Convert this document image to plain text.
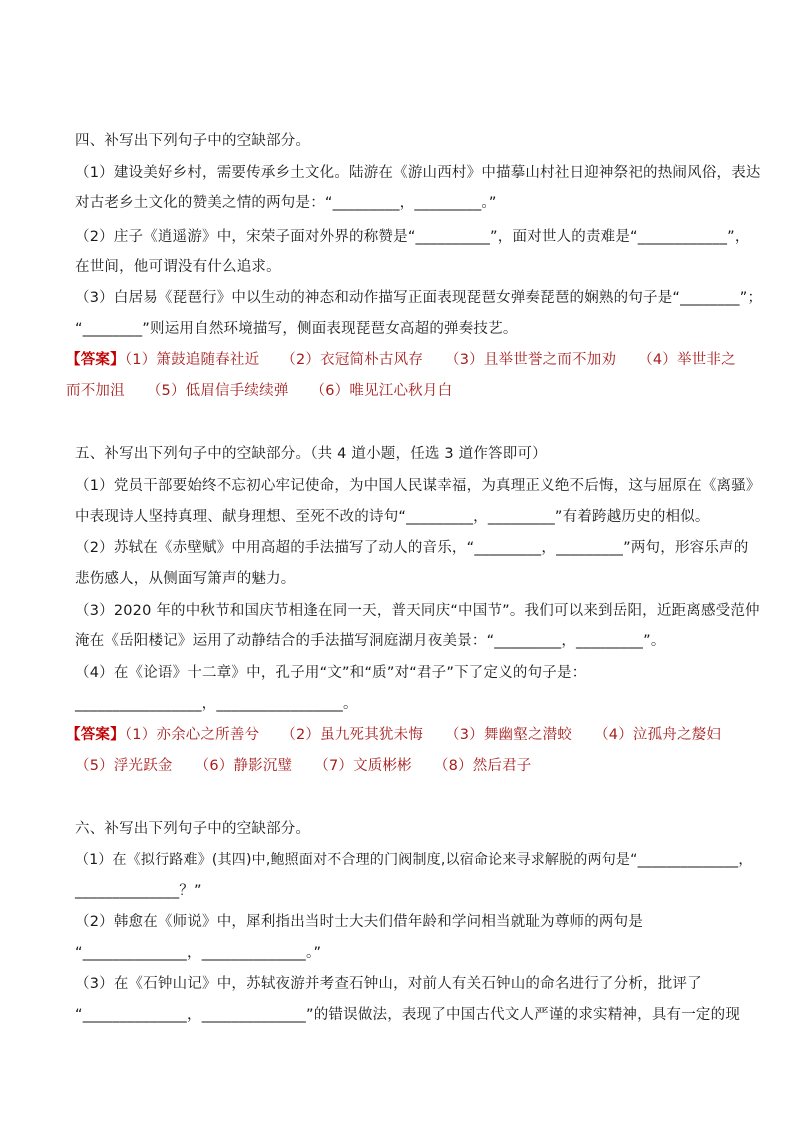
四、补写出下列句子中的空缺部分。
（1）建设美好乡村，需要传承乡土文化。陆游在《游山西村》中描摹山村社日迎神祭祀的热闹风俗，表达
对古老乡土文化的赞美之情的两句是：“_________，_________。”
（2）庄子《逍遥游》中，宋荣子面对外界的称赞是“__________”，面对世人的责难是“____________”，
在世间，他可谓没有什么追求。
（3）白居易《琵琶行》中以生动的神态和动作描写正面表现琵琶女弹奏琵琶的娴熟的句子是“________”；
“________”则运用自然环境描写，侧面表现琵琶女高超的弹奏技艺。
【答案】（1）箫鼓追随春社近 （2）衣冠简朴古风存 （3）且举世誉之而不加劝 （4）举世非之
而不加沮 （5）低眉信手续续弹 （6）唯见江心秋月白
五、补写出下列句子中的空缺部分。（共 4 道小题，任选 3 道作答即可）
（1）党员干部要始终不忘初心牢记使命，为中国人民谋幸福，为真理正义绝不后悔，这与屈原在《离骚》
中表现诗人坚持真理、献身理想、至死不改的诗句“_________，_________”有着跨越历史的相似。
（2）苏轼在《赤壁赋》中用高超的手法描写了动人的音乐，“_________，_________”两句，形容乐声的
悲伤感人，从侧面写箫声的魅力。
（3）2020 年的中秋节和国庆节相逢在同一天，普天同庆“中国节”。我们可以来到岳阳，近距离感受范仲
淹在《岳阳楼记》运用了动静结合的手法描写洞庭湖月夜美景：“_________，_________”。
（4）在《论语》十二章》中，孔子用“文”和“质”对“君子”下了定义的句子是：
_________________，_________________。
【答案】（1）亦余心之所善兮 （2）虽九死其犹未悔 （3）舞幽壑之潜蛟 （4）泣孤舟之嫠妇
（5）浮光跃金 （6）静影沉璧 （7）文质彬彬 （8）然后君子
六、补写出下列句子中的空缺部分。
（1）在《拟行路难》(其四)中,鲍照面对不合理的门阀制度,以宿命论来寻求解脱的两句是“______________，
______________？”
（2）韩愈在《师说》中，犀利指出当时士大夫们借年龄和学问相当就耻为尊师的两句是
“______________，______________。”
（3）在《石钟山记》中，苏轼夜游并考查石钟山，对前人有关石钟山的命名进行了分析，批评了
“______________，______________”的错误做法，表现了中国古代文人严谨的求实精神，具有一定的现
